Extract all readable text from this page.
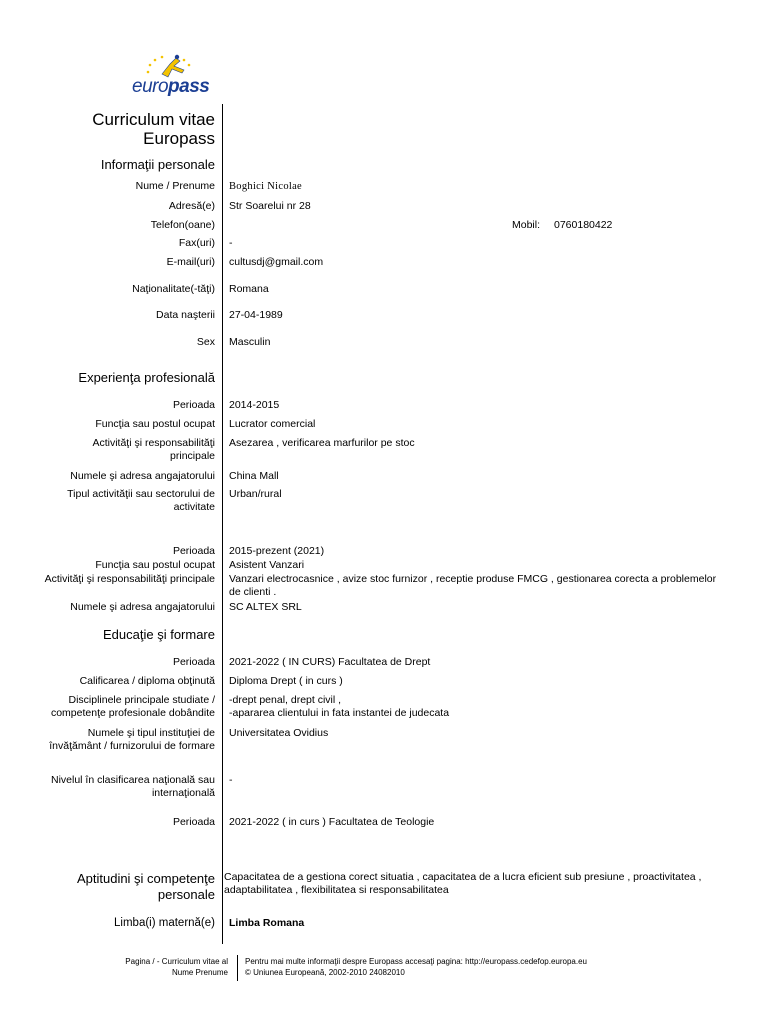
europass
Curriculum vitae
Europass
Informaţii personale
Nume / Prenume Boghici Nicolae
Adresă(e) Str Soarelui nr 28
Telefon(oane)	Mobil: 0760180422
Fax(uri) -
E-mail(uri) cultusdj@gmail.com
Naţionalitate(-tăţi) Romana
Data naşterii 27-04-1989
Sex Masculin
Experienţa profesională
Perioada 2014-2015
Funcţia sau postul ocupat Lucrator comercial
Activităţi şi responsabilităţi
principale
Asezarea , verificarea marfurilor pe stoc
Numele şi adresa angajatorului China Mall
Tipul activităţii sau sectorului de
activitate
Urban/rural
Perioada 2015-prezent (2021)
Funcţia sau postul ocupat Asistent Vanzari
Activităţi şi responsabilităţi principale Vanzari electrocasnice , avize stoc furnizor , receptie produse FMCG , gestionarea corecta a problemelor de clienti .
Numele şi adresa angajatorului SC ALTEX SRL
Educaţie şi formare
Perioada 2021-2022 ( IN CURS) Facultatea de Drept
Calificarea / diploma obţinută Diploma Drept ( in curs )
Disciplinele principale studiate /
competenţe profesionale dobândite
-drept penal, drept civil ,
-apararea clientului in fata instantei de judecata
Numele şi tipul instituţiei de
învăţământ / furnizorului de formare
Universitatea Ovidius
Nivelul în clasificarea naţională sau
internaţională
-
Perioada 2021-2022 ( in curs ) Facultatea de Teologie
Aptitudini şi competenţe
personale
Capacitatea de a gestiona corect situatia , capacitatea de a lucra eficient sub presiune , proactivitatea ,
adaptabilitatea , flexibilitatea si responsabilitatea
Limba(i) maternă(e) Limba Romana
Pagina / - Curriculum vitae al
Nume Prenume
Pentru mai multe informaţii despre Europass accesaţi pagina: http://europass.cedefop.europa.eu
© Uniunea Europeană, 2002-2010 24082010
